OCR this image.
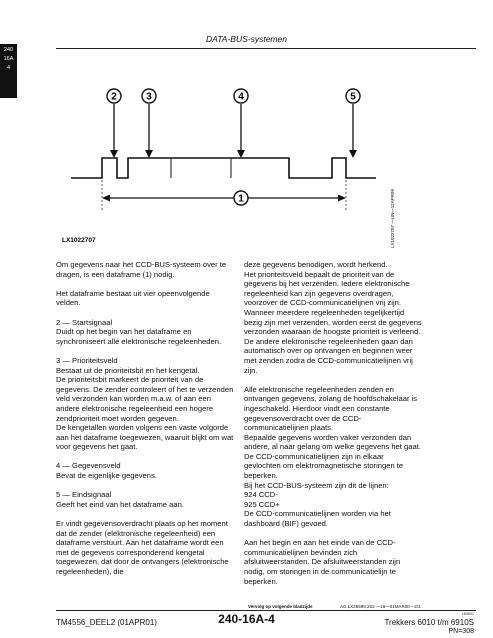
DATA-BUS-systemen
240
16A
4
2	3	4	5
1
LX1022707	LX1022707 —UN—12APR99

Om gegevens naar het CCD-BUS-systeem over te dragen, is een dataframe (1) nodig.

Het dataframe bestaat uit vier opeenvolgende velden.

2 — Startsignaal
Duidt op het begin van het dataframe en synchroniseert alle elektronische regeleenheden.

3 — Prioriteitsveld
Bestaat uit de prioriteitsbit en het kengetal.
De prioriteitsbit markeert de prioriteit van de gegevens. De zender controleert of het te verzenden veld verzonden kan worden m.a.w. of aan een andere elektronische regeleenheid een hogere zendprioriteit moet worden gegeven.
De kengetallen worden volgens een vaste volgorde aan het dataframe toegewezen, waaruit blijkt om wat voor gegevens het gaat.

4 — Gegevensveld
Bevat de eigenlijke gegevens.

5 — Eindsignaal
Geeft het eind van het dataframe aan.

Er vindt gegevensoverdracht plaats op het moment dat de zender (elektronische regeleenheid) een dataframe verstuurt. Aan het dataframe wordt een met de gegevens corresponderend kengetal toegewezen, dat door de ontvangers (elektronische regeleenheden), die

deze gegevens benodigen, wordt herkend.
Het prioriteitsveld bepaalt de prioriteit van de gegevens bij het verzenden. Iedere elektronische regeleenheid kan zijn gegevens overdragen, voorzover de CCD-communicatielijnen vrij zijn. Wanneer meerdere regeleenheden tegelijkertijd bezig zijn met verzenden, worden eerst de gegevens verzonden waaraan de hoogste prioriteit is verleend. De andere elektronische regeleenheden gaan dan automatisch over op ontvangen en beginnen weer met zenden zodra de CCD-communicatielijnen vrij zijn.

Alle elektronische regeleenheden zenden en ontvangen gegevens, zolang de hoofdschakelaar is ingeschakeld. Hierdoor vindt een constante gegevensoverdracht over de CCD-communicatielijnen plaats.
Bepaalde gegevens worden vaker verzonden dan andere, al naar gelang om welke gegevens het gaat.
De CCD-communicatielijnen zijn in elkaar gevlochten om elektromagnetische storingen te beperken.
Bij het CCD-BUS-systeem zijn dit de lijnen:
924 CCD-
925 CCD+
De CCD-communicatielijnen worden via het dashboard (BIF) gevoed.

Aan het begin en aan het einde van de CCD-communicatielijnen bevinden zich afsluitweerstanden. De afsluitweerstanden zijn nodig, om storingen in de communicatielijn te beperken.

Vervolg op volgende bladzijde	AG,LX25599,253 —18—01MAR00—2/3
183S01
TM4556_DEEL2 (01APR01)	240-16A-4	Trekkers 6010 t/m 6910S
PN=308
